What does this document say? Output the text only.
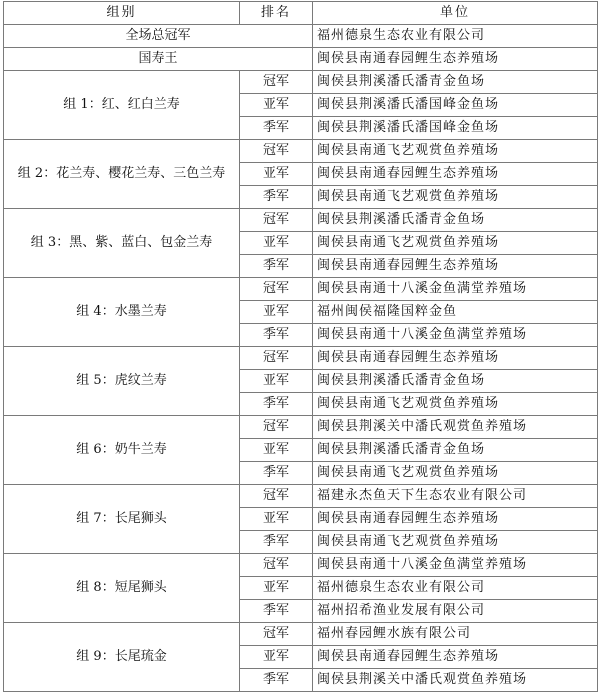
组别	排名	单位
全场总冠军		福州德泉生态农业有限公司
国寿王		闽侯县南通春园鲤生态养殖场
组 1：红、红白兰寿	冠军	闽侯县荆溪潘氏潘青金鱼场
	亚军	闽侯县荆溪潘氏潘国峰金鱼场
	季军	闽侯县荆溪潘氏潘国峰金鱼场
组 2：花兰寿、樱花兰寿、三色兰寿	冠军	闽侯县南通飞艺观赏鱼养殖场
	亚军	闽侯县南通春园鲤生态养殖场
	季军	闽侯县南通飞艺观赏鱼养殖场
组 3：黑、紫、蓝白、包金兰寿	冠军	闽侯县荆溪潘氏潘青金鱼场
	亚军	闽侯县南通飞艺观赏鱼养殖场
	季军	闽侯县南通春园鲤生态养殖场
组 4：水墨兰寿	冠军	闽侯县南通十八溪金鱼满堂养殖场
	亚军	福州闽侯福隆国粹金鱼
	季军	闽侯县南通十八溪金鱼满堂养殖场
组 5：虎纹兰寿	冠军	闽侯县南通春园鲤生态养殖场
	亚军	闽侯县荆溪潘氏潘青金鱼场
	季军	闽侯县南通飞艺观赏鱼养殖场
组 6：奶牛兰寿	冠军	闽侯县荆溪关中潘氏观赏鱼养殖场
	亚军	闽侯县荆溪潘氏潘青金鱼场
	季军	闽侯县南通飞艺观赏鱼养殖场
组 7：长尾狮头	冠军	福建永杰鱼天下生态农业有限公司
	亚军	闽侯县南通春园鲤生态养殖场
	季军	闽侯县南通飞艺观赏鱼养殖场
组 8：短尾狮头	冠军	闽侯县南通十八溪金鱼满堂养殖场
	亚军	福州德泉生态农业有限公司
	季军	福州招希渔业发展有限公司
组 9：长尾琉金	冠军	福州春园鲤水族有限公司
	亚军	闽侯县南通春园鲤生态养殖场
	季军	闽侯县荆溪关中潘氏观赏鱼养殖场
